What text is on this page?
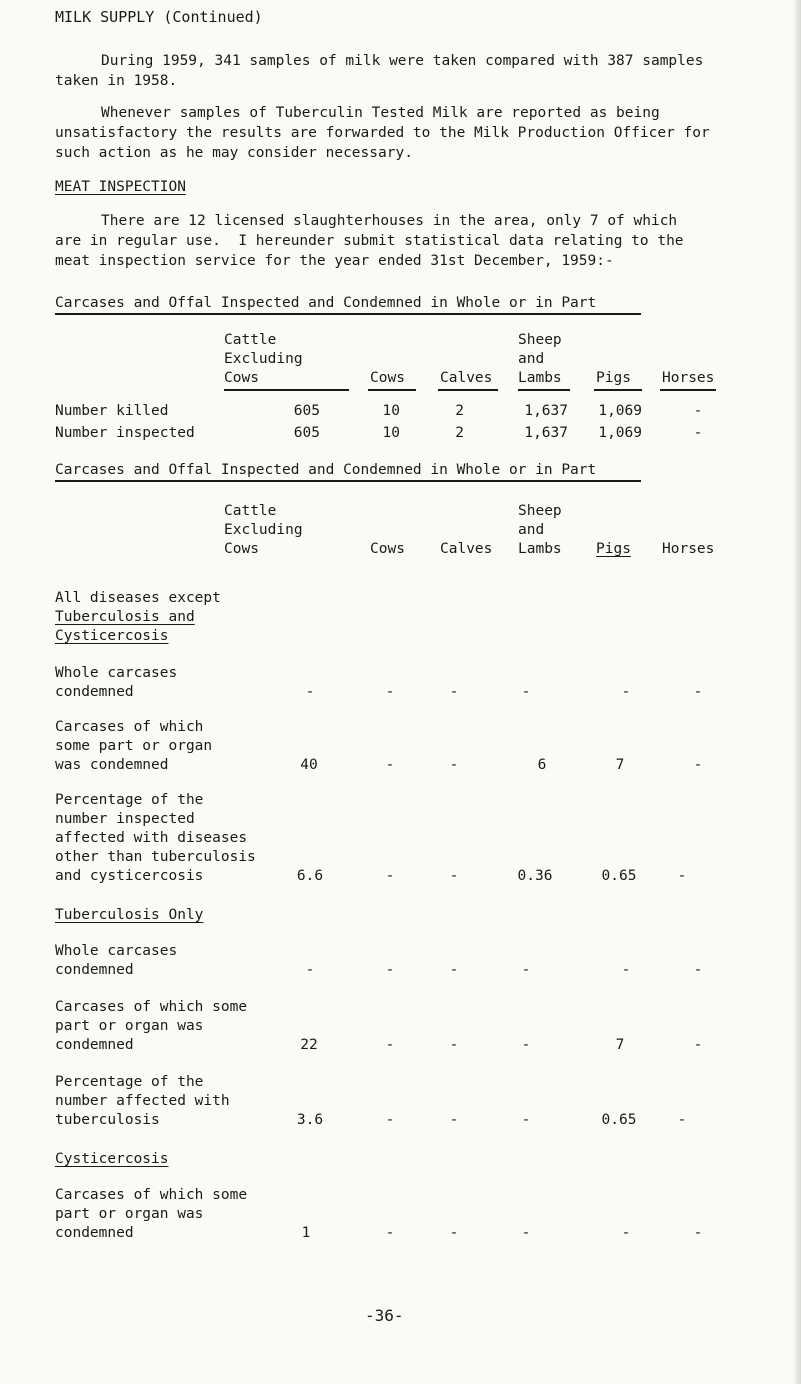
MILK SUPPLY (Continued)
During 1959, 341 samples of milk were taken compared with 387 samples
taken in 1958.
Whenever samples of Tuberculin Tested Milk are reported as being
unsatisfactory the results are forwarded to the Milk Production Officer for
such action as he may consider necessary.
MEAT INSPECTION
There are 12 licensed slaughterhouses in the area, only 7 of which
are in regular use.  I hereunder submit statistical data relating to the
meat inspection service for the year ended 31st December, 1959:-
Carcases and Offal Inspected and Condemned in Whole or in Part
Cattle
Excluding
Cows	Cows Calves
Sheep
and
Lambs Pigs Horses
Number killed	605	10	2	1,637	1,069	-
Number inspected	605	10	2	1,637	1,069	-
Carcases and Offal Inspected and Condemned in Whole or in Part
Cattle
Excluding
Cows	Cows Calves
Sheep
and
Lambs Pigs Horses
All diseases except
Tuberculosis and
Cysticercosis
Whole carcases
condemned	-	-	-	-	-	-
Carcases of which
some part or organ
was condemned	40	-	-	6	7	-
Percentage of the
number inspected
affected with diseases
other than tuberculosis
and cysticercosis	6.6	-	-	0.36	0.65	-
Tuberculosis Only
Whole carcases
condemned	-	-	-	-	-	-
Carcases of which some
part or organ was
condemned	22	-	-	-	7	-
Percentage of the
number affected with
tuberculosis	3.6	-	-	-	0.65	-
Cysticercosis
Carcases of which some
part or organ was
condemned	1	-	-	-	-	-
-36-
